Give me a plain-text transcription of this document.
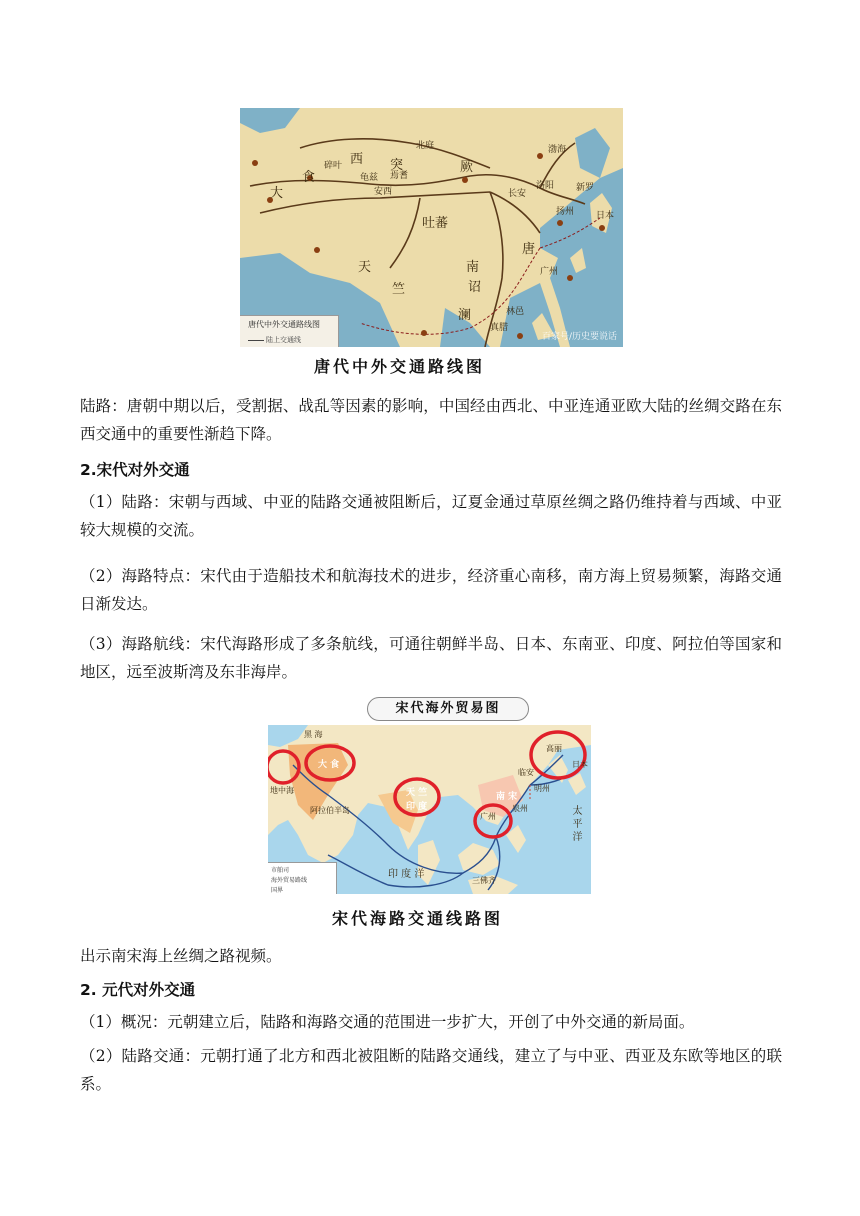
大
食
西 突	厥
吐蕃
唐
天
竺
南
诏
澜
长安
洛阳
广州
扬州
渤海
新罗
日本
林邑
真腊
焉耆
龟兹
碎叶
北庭
安西
唐代中外交通路线图
陆上交通线	百家号/历史要说话
唐代中外交通路线图
陆路：唐朝中期以后，受割据、战乱等因素的影响，中国经由西北、中亚连通亚欧大陆的丝绸交路在东西交通中的重要性渐趋下降。
2.宋代对外交通
（1）陆路：宋朝与西域、中亚的陆路交通被阻断后，辽夏金通过草原丝绸之路仍维持着与西域、中亚较大规模的交流。
（2）海路特点：宋代由于造船技术和航海技术的进步，经济重心南移，南方海上贸易频繁，海路交通日渐发达。
（3）海路航线：宋代海路形成了多条航线，可通往朝鲜半岛、日本、东南亚、印度、阿拉伯等国家和地区，远至波斯湾及东非海岸。
宋代海外贸易图
大 食
天 竺
印 度
南 宋
临安
广州
泉州
阿拉伯半岛
印 度 洋
太 平 洋
黑 海
地中海	明州
高丽
日本
三佛齐
市舶司
海外贸易路线
国界
宋代海路交通线路图
出示南宋海上丝绸之路视频。
2. 元代对外交通
（1）概况：元朝建立后，陆路和海路交通的范围进一步扩大，开创了中外交通的新局面。
（2）陆路交通：元朝打通了北方和西北被阻断的陆路交通线，建立了与中亚、西亚及东欧等地区的联系。
